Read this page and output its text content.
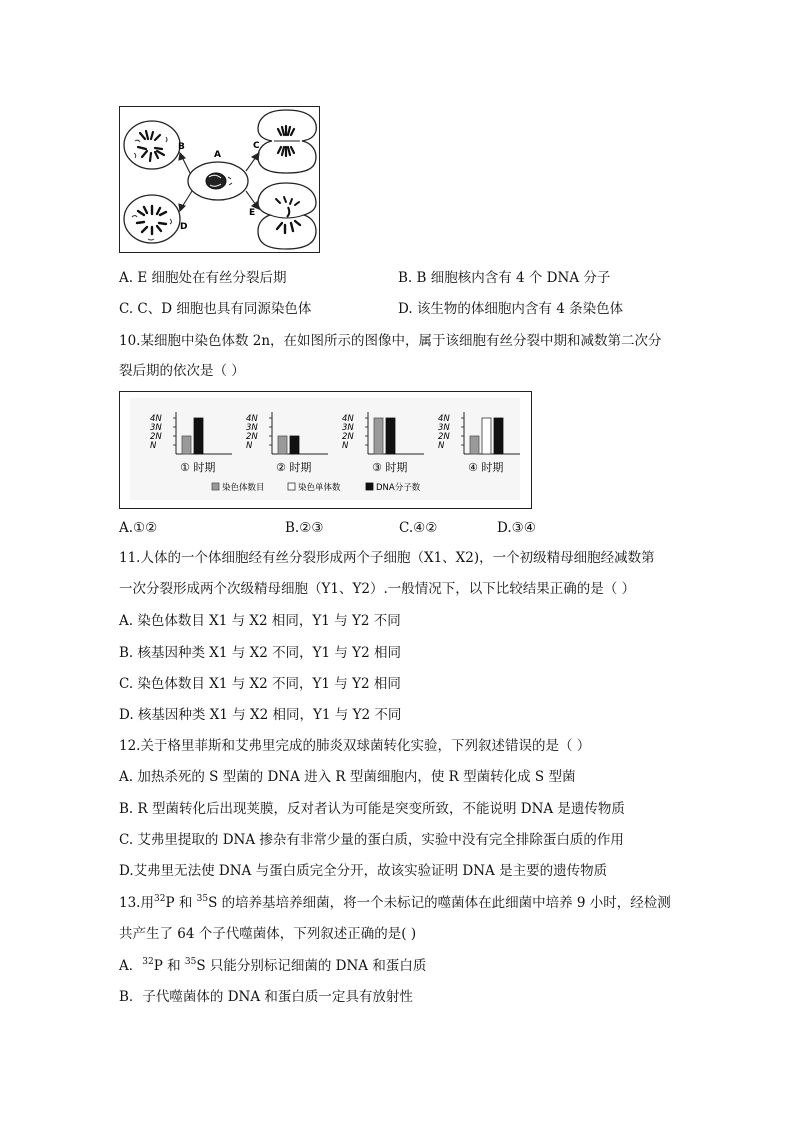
B
A
C
D
E
A. E 细胞处在有丝分裂后期	B. B 细胞核内含有 4 个 DNA 分子
C. C、D 细胞也具有同源染色体	D. 该生物的体细胞内含有 4 条染色体
10.某细胞中染色体数 2n，在如图所示的图像中，属于该细胞有丝分裂中期和减数第二次分
裂后期的依次是（ ）
4N
3N
2N
N
① 时期
4N
3N
2N
N
② 时期
4N
3N
2N
N
③ 时期
4N
3N
2N
N
④ 时期
染色体数目	染色单体数	DNA分子数
A.①②	B.②③	C.④②	D.③④
11.人体的一个体细胞经有丝分裂形成两个子细胞（X1、X2)，一个初级精母细胞经减数第
一次分裂形成两个次级精母细胞（Y1、Y2）.一般情况下，以下比较结果正确的是（ ）
A. 染色体数目 X1 与 X2 相同，Y1 与 Y2 不同
B. 核基因种类 X1 与 X2 不同，Y1 与 Y2 相同
C. 染色体数目 X1 与 X2 不同，Y1 与 Y2 相同
D. 核基因种类 X1 与 X2 相同，Y1 与 Y2 不同
12.关于格里菲斯和艾弗里完成的肺炎双球菌转化实验，下列叙述错误的是（ ）
A. 加热杀死的 S 型菌的 DNA 进入 R 型菌细胞内，使 R 型菌转化成 S 型菌
B. R 型菌转化后出现荚膜，反对者认为可能是突变所致，不能说明 DNA 是遗传物质
C. 艾弗里提取的 DNA 掺杂有非常少量的蛋白质，实验中没有完全排除蛋白质的作用
D.艾弗里无法使 DNA 与蛋白质完全分开，故该实验证明 DNA 是主要的遗传物质
13.用$^{32}$P 和 $^{35}$S 的培养基培养细菌，将一个未标记的噬菌体在此细菌中培养 9 小时，经检测
共产生了 64 个子代噬菌体，下列叙述正确的是( )
A．$^{32}$P 和 $^{35}$S 只能分别标记细菌的 DNA 和蛋白质
B．子代噬菌体的 DNA 和蛋白质一定具有放射性
